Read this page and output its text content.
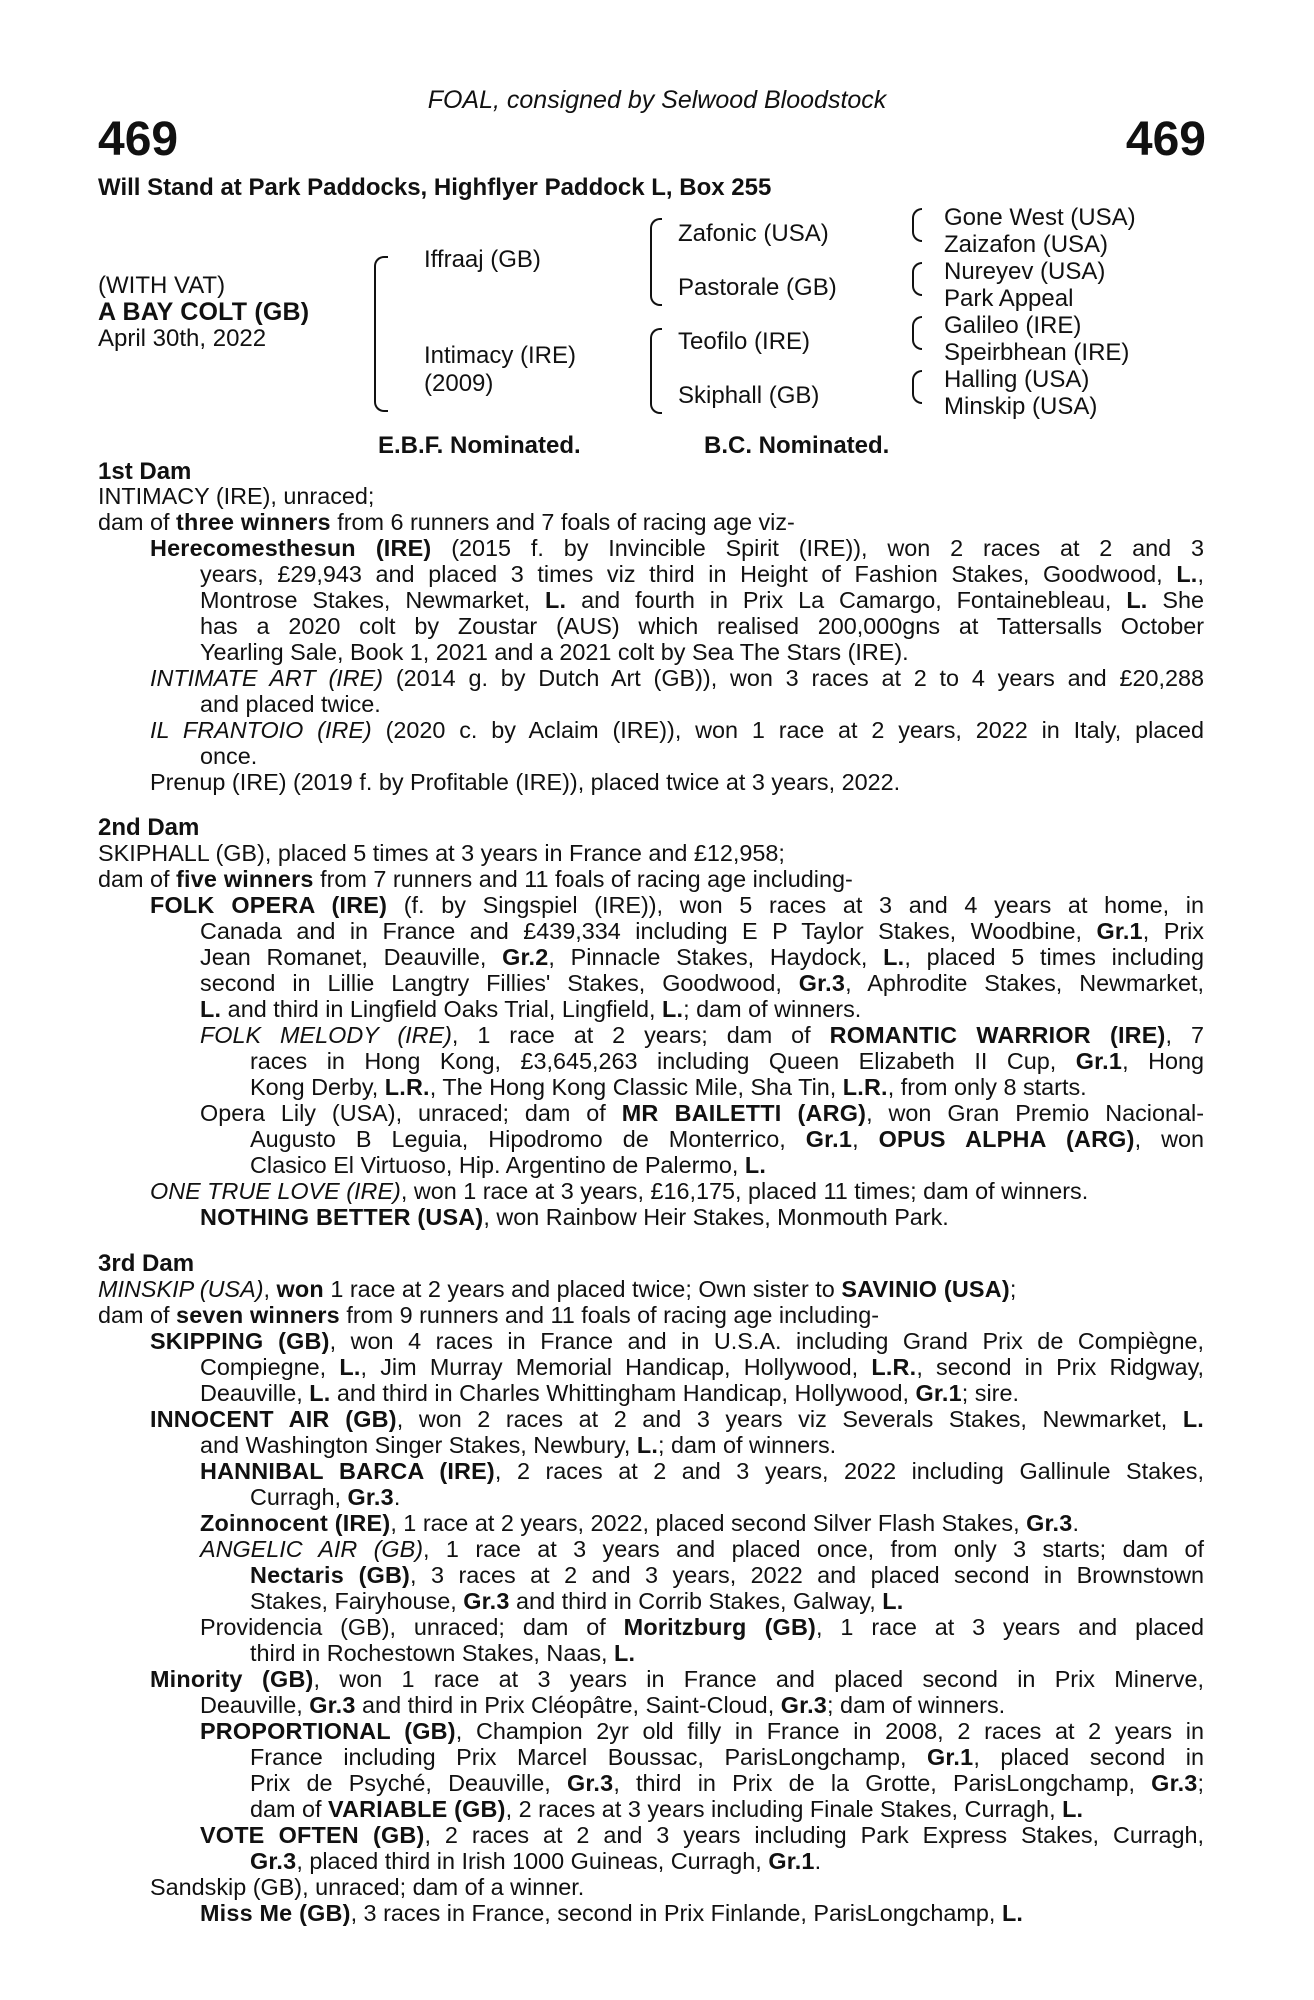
FOAL, consigned by Selwood Bloodstock
469	469
Will Stand at Park Paddocks, Highflyer Paddock L, Box 255
(WITH VAT)
A BAY COLT (GB)
April 30th, 2022
Iffraaj (GB)
Intimacy (IRE)
(2009)
Zafonic (USA)
Pastorale (GB)
Teofilo (IRE)
Skiphall (GB)
Gone West (USA)
Zaizafon (USA)
Nureyev (USA)
Park Appeal
Galileo (IRE)
Speirbhean (IRE)
Halling (USA)
Minskip (USA)
E.B.F. Nominated.	B.C. Nominated.
1st Dam
INTIMACY (IRE), unraced;
dam of three winners from 6 runners and 7 foals of racing age viz-
Herecomesthesun (IRE) (2015 f. by Invincible Spirit (IRE)), won 2 races at 2 and 3
years, £29,943 and placed 3 times viz third in Height of Fashion Stakes, Goodwood, L.,
Montrose Stakes, Newmarket, L. and fourth in Prix La Camargo, Fontainebleau, L. She
has a 2020 colt by Zoustar (AUS) which realised 200,000gns at Tattersalls October
Yearling Sale, Book 1, 2021 and a 2021 colt by Sea The Stars (IRE).
INTIMATE ART (IRE) (2014 g. by Dutch Art (GB)), won 3 races at 2 to 4 years and £20,288
and placed twice.
IL FRANTOIO (IRE) (2020 c. by Aclaim (IRE)), won 1 race at 2 years, 2022 in Italy, placed
once.
Prenup (IRE) (2019 f. by Profitable (IRE)), placed twice at 3 years, 2022.
2nd Dam
SKIPHALL (GB), placed 5 times at 3 years in France and £12,958;
dam of five winners from 7 runners and 11 foals of racing age including-
FOLK OPERA (IRE) (f. by Singspiel (IRE)), won 5 races at 3 and 4 years at home, in
Canada and in France and £439,334 including E P Taylor Stakes, Woodbine, Gr.1, Prix
Jean Romanet, Deauville, Gr.2, Pinnacle Stakes, Haydock, L., placed 5 times including
second in Lillie Langtry Fillies' Stakes, Goodwood, Gr.3, Aphrodite Stakes, Newmarket,
L. and third in Lingfield Oaks Trial, Lingfield, L.; dam of winners.
FOLK MELODY (IRE), 1 race at 2 years; dam of ROMANTIC WARRIOR (IRE), 7
races in Hong Kong, £3,645,263 including Queen Elizabeth II Cup, Gr.1, Hong
Kong Derby, L.R., The Hong Kong Classic Mile, Sha Tin, L.R., from only 8 starts.
Opera Lily (USA), unraced; dam of MR BAILETTI (ARG), won Gran Premio Nacional-
Augusto B Leguia, Hipodromo de Monterrico, Gr.1, OPUS ALPHA (ARG), won
Clasico El Virtuoso, Hip. Argentino de Palermo, L.
ONE TRUE LOVE (IRE), won 1 race at 3 years, £16,175, placed 11 times; dam of winners.
NOTHING BETTER (USA), won Rainbow Heir Stakes, Monmouth Park.
3rd Dam
MINSKIP (USA), won 1 race at 2 years and placed twice; Own sister to SAVINIO (USA);
dam of seven winners from 9 runners and 11 foals of racing age including-
SKIPPING (GB), won 4 races in France and in U.S.A. including Grand Prix de Compiègne,
Compiegne, L., Jim Murray Memorial Handicap, Hollywood, L.R., second in Prix Ridgway,
Deauville, L. and third in Charles Whittingham Handicap, Hollywood, Gr.1; sire.
INNOCENT AIR (GB), won 2 races at 2 and 3 years viz Severals Stakes, Newmarket, L.
and Washington Singer Stakes, Newbury, L.; dam of winners.
HANNIBAL BARCA (IRE), 2 races at 2 and 3 years, 2022 including Gallinule Stakes,
Curragh, Gr.3.
Zoinnocent (IRE), 1 race at 2 years, 2022, placed second Silver Flash Stakes, Gr.3.
ANGELIC AIR (GB), 1 race at 3 years and placed once, from only 3 starts; dam of
Nectaris (GB), 3 races at 2 and 3 years, 2022 and placed second in Brownstown
Stakes, Fairyhouse, Gr.3 and third in Corrib Stakes, Galway, L.
Providencia (GB), unraced; dam of Moritzburg (GB), 1 race at 3 years and placed
third in Rochestown Stakes, Naas, L.
Minority (GB), won 1 race at 3 years in France and placed second in Prix Minerve,
Deauville, Gr.3 and third in Prix Cléopâtre, Saint-Cloud, Gr.3; dam of winners.
PROPORTIONAL (GB), Champion 2yr old filly in France in 2008, 2 races at 2 years in
France including Prix Marcel Boussac, ParisLongchamp, Gr.1, placed second in
Prix de Psyché, Deauville, Gr.3, third in Prix de la Grotte, ParisLongchamp, Gr.3;
dam of VARIABLE (GB), 2 races at 3 years including Finale Stakes, Curragh, L.
VOTE OFTEN (GB), 2 races at 2 and 3 years including Park Express Stakes, Curragh,
Gr.3, placed third in Irish 1000 Guineas, Curragh, Gr.1.
Sandskip (GB), unraced; dam of a winner.
Miss Me (GB), 3 races in France, second in Prix Finlande, ParisLongchamp, L.
